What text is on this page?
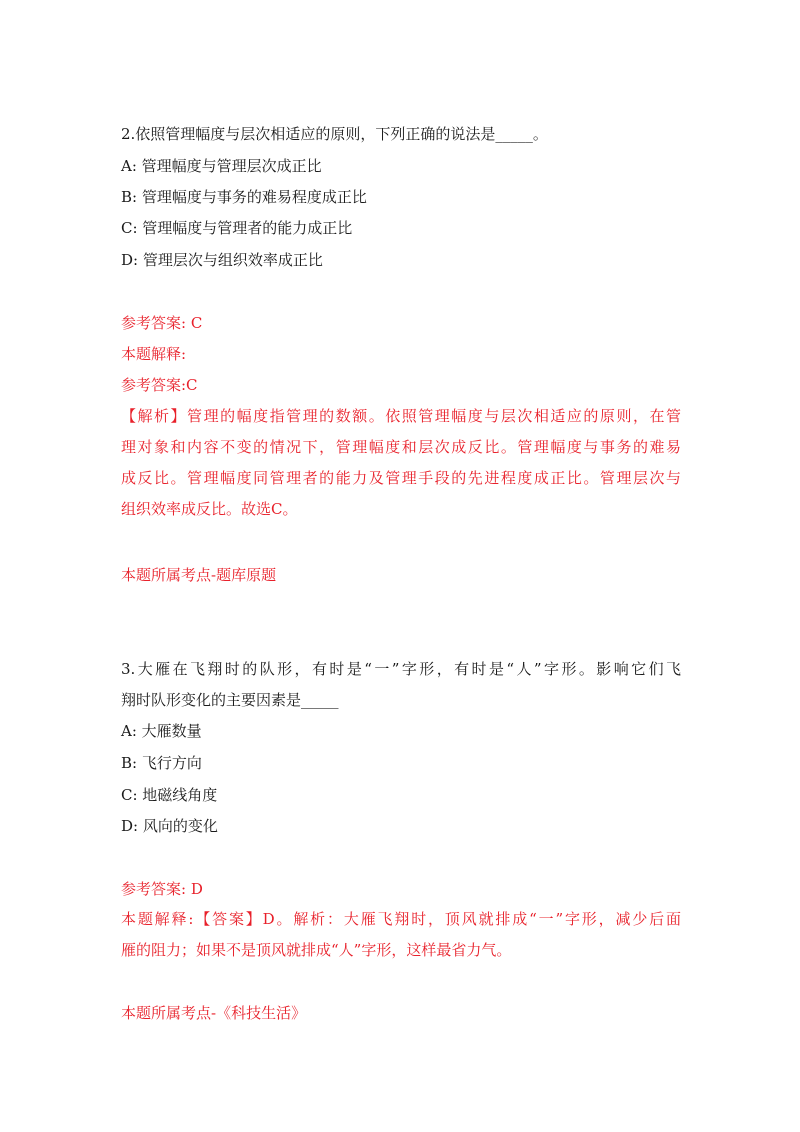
2.依照管理幅度与层次相适应的原则，下列正确的说法是_____。
A: 管理幅度与管理层次成正比
B: 管理幅度与事务的难易程度成正比
C: 管理幅度与管理者的能力成正比
D: 管理层次与组织效率成正比
参考答案: C
本题解释:
参考答案:C
【解析】管理的幅度指管理的数额。依照管理幅度与层次相适应的原则，在管
理对象和内容不变的情况下，管理幅度和层次成反比。管理幅度与事务的难易
成反比。管理幅度同管理者的能力及管理手段的先进程度成正比。管理层次与
组织效率成反比。故选C。
本题所属考点-题库原题
3.大雁在飞翔时的队形，有时是“一”字形，有时是“人”字形。影响它们飞
翔时队形变化的主要因素是_____
A: 大雁数量
B: 飞行方向
C: 地磁线角度
D: 风向的变化
参考答案: D
本题解释:【答案】D。解析：大雁飞翔时，顶风就排成“一”字形，减少后面
雁的阻力；如果不是顶风就排成“人”字形，这样最省力气。
本题所属考点-《科技生活》
